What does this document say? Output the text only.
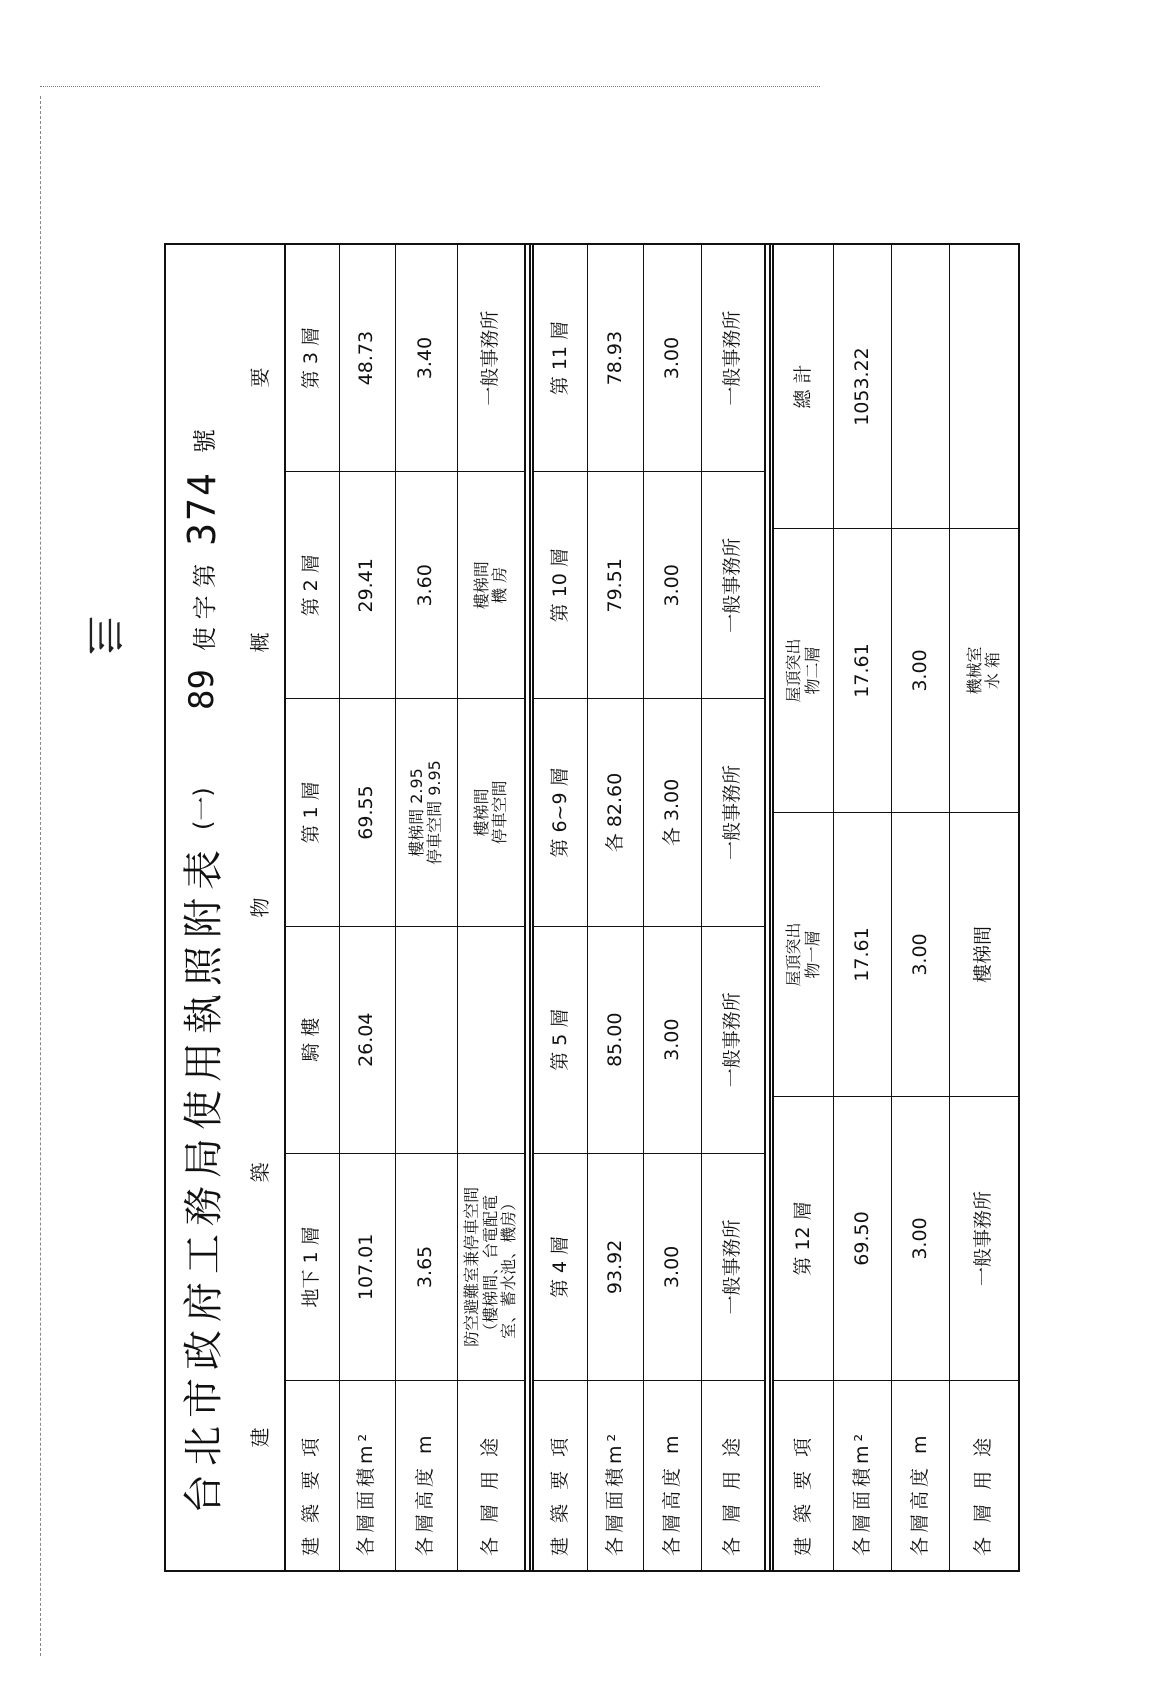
亖
台北市政府工務局使用執照附表
(一)
89
使 字 第
374
號
建
築
物
概
要
建 築 要 項
地下 1 層
騎 樓
第 1 層
第 2 層
第 3 層
各層面積m²
107.01
26.04
69.55
29.41
48.73
各層高度 m
3.65
樓梯間 2.95
停車空間 9.95
3.60
3.40
各 層 用 途
防空避難室兼停車空間
（樓梯間、台電配電
室、蓄水池、機房）
樓梯間
停車空間
樓梯間
機 房
一般事務所
建 築 要 項
第 4 層
第 5 層
第 6~9 層
第 10 層
第 11 層
各層面積m²
93.92
85.00
各 82.60
79.51
78.93
各層高度 m
3.00
3.00
各 3.00
3.00
3.00
各 層 用 途
一般事務所
一般事務所
一般事務所
一般事務所
一般事務所
建 築 要 項
第 12 層
屋頂突出
物一層
屋頂突出
物二層
總 計
各層面積m²
69.50
17.61
17.61
1053.22
各層高度 m
3.00
3.00
3.00
各 層 用 途
一般事務所
樓梯間
機械室
水 箱
